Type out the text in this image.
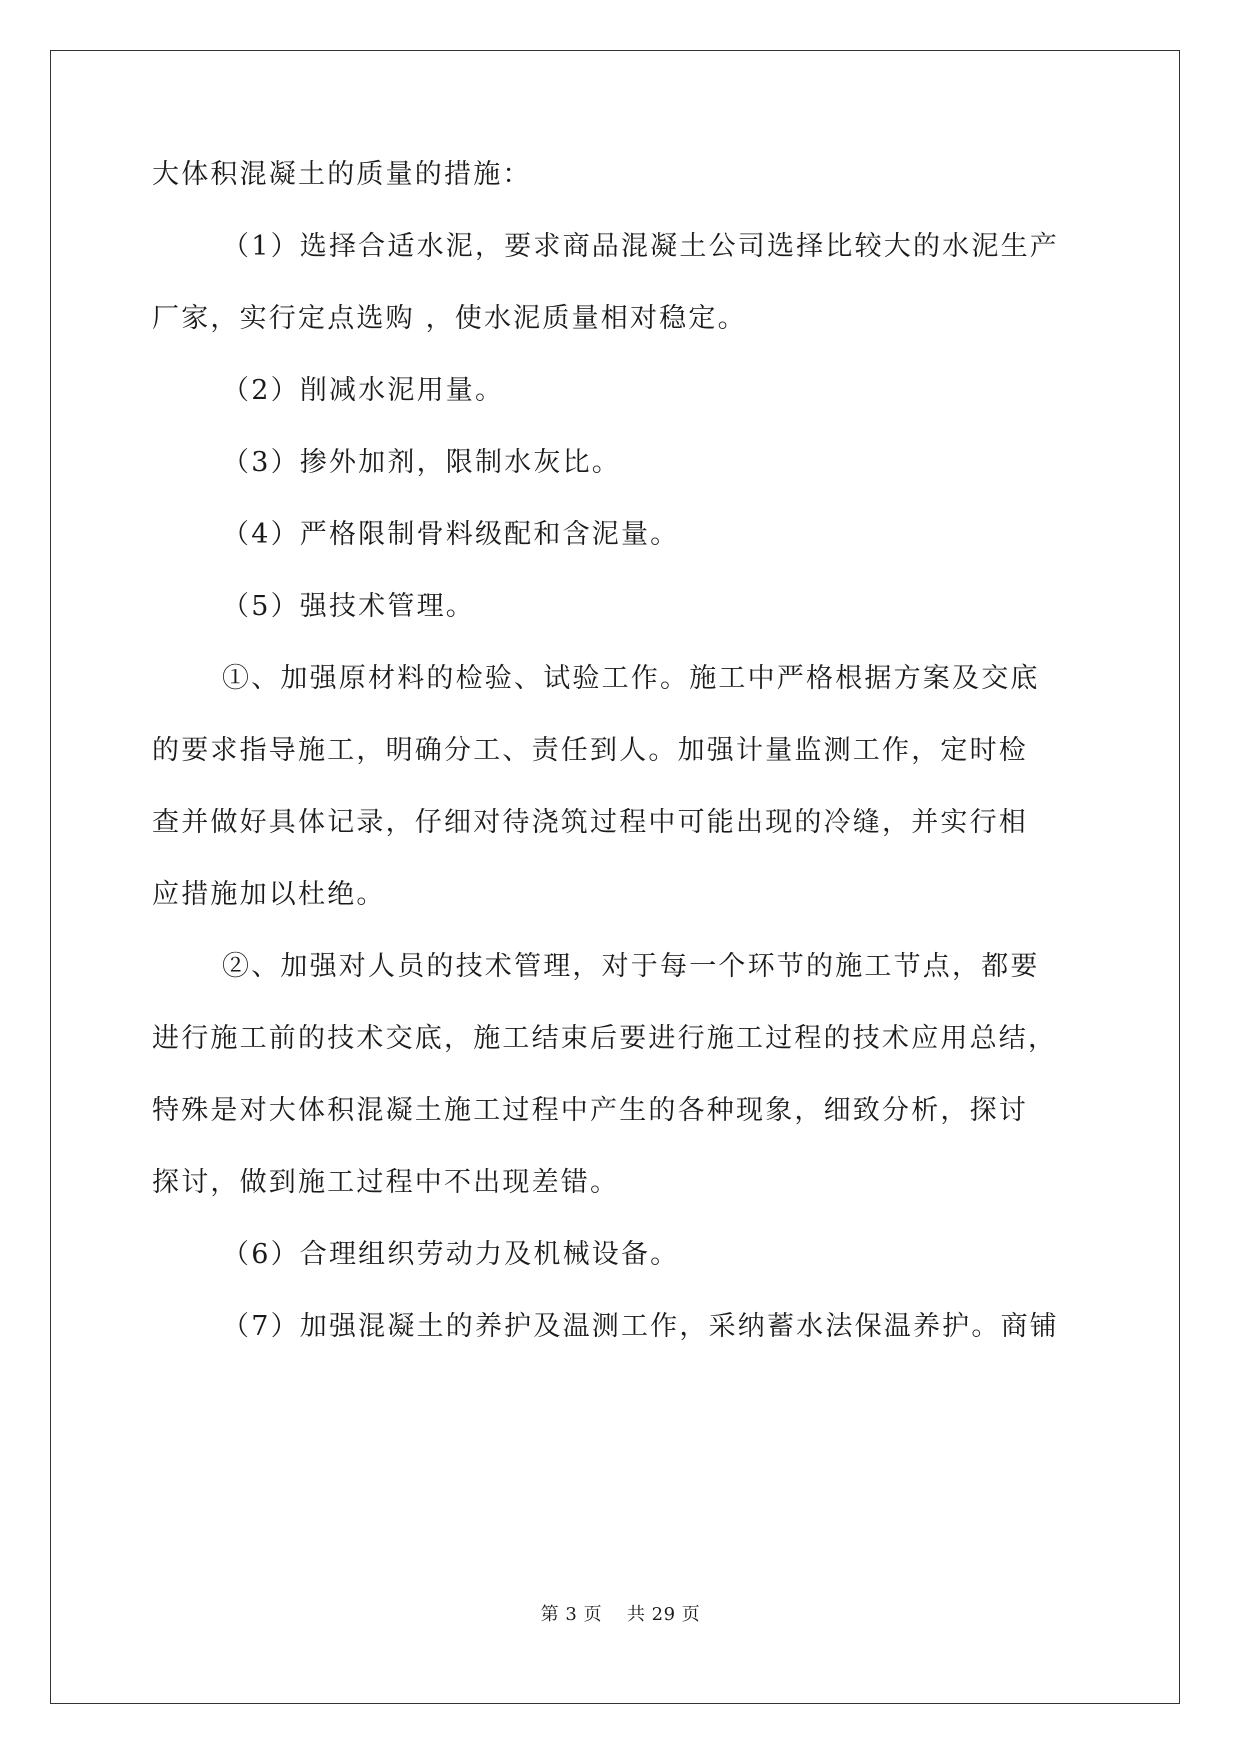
大体积混凝土的质量的措施：
（1）选择合适水泥，要求商品混凝土公司选择比较大的水泥生产
厂家，实行定点选购 ，使水泥质量相对稳定。
（2）削减水泥用量。
（3）掺外加剂，限制水灰比。
（4）严格限制骨料级配和含泥量。
（5）强技术管理。
①、加强原材料的检验、试验工作。施工中严格根据方案及交底
的要求指导施工，明确分工、责任到人。加强计量监测工作，定时检
查并做好具体记录，仔细对待浇筑过程中可能出现的冷缝，并实行相
应措施加以杜绝。
②、加强对人员的技术管理，对于每一个环节的施工节点，都要
进行施工前的技术交底，施工结束后要进行施工过程的技术应用总结，
特殊是对大体积混凝土施工过程中产生的各种现象，细致分析，探讨
探讨，做到施工过程中不出现差错。
（6）合理组织劳动力及机械设备。
（7）加强混凝土的养护及温测工作，采纳蓄水法保温养护。商铺
第 3 页    共 29 页
